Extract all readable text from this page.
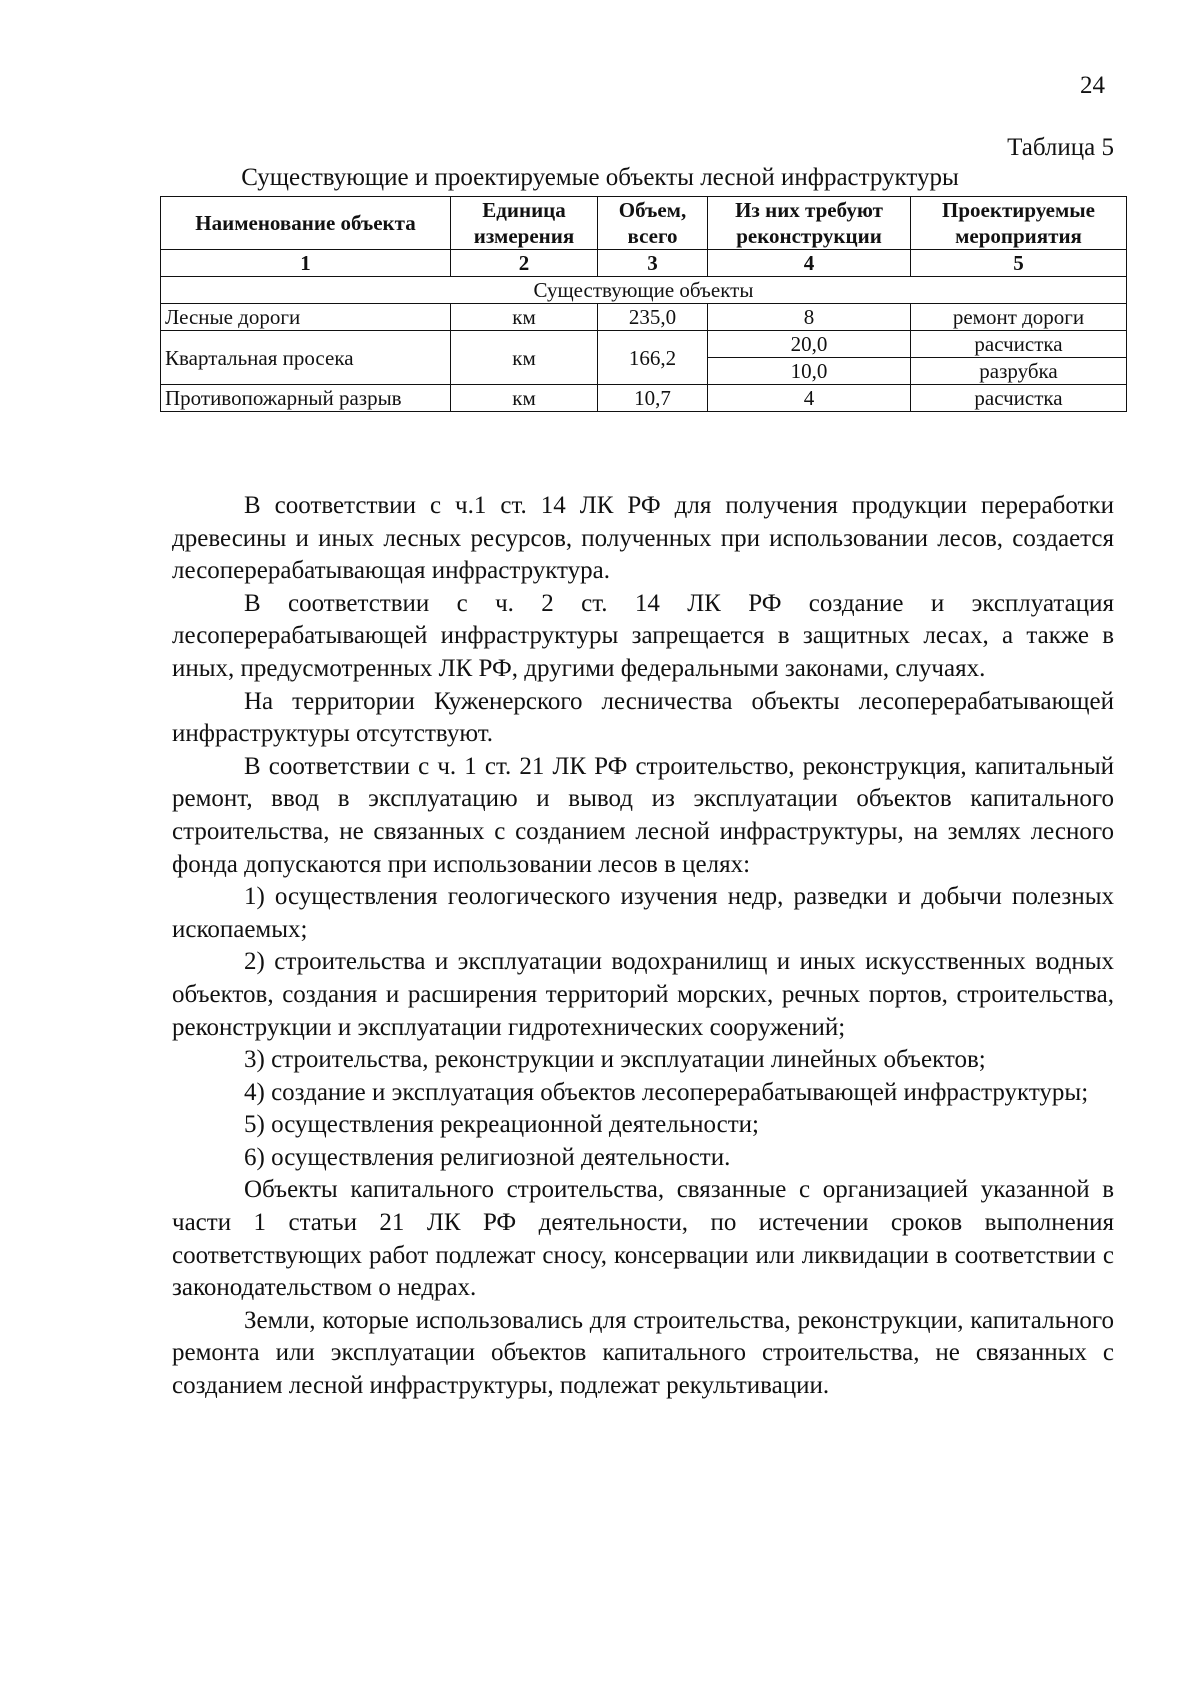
24
Таблица 5
Существующие и проектируемые объекты лесной инфраструктуры
Наименование объекта	Единица измерения	Объем, всего	Из них требуют реконструкции	Проектируемые мероприятия
1	2	3	4	5
Существующие объекты				
Лесные дороги	км	235,0	8	ремонт дороги
Квартальная просека	км	166,2	20,0	расчистка
			10,0	разрубка
Противопожарный разрыв	км	10,7	4	расчистка

В соответствии с ч.1 ст. 14 ЛК РФ для получения продукции переработки древесины и иных лесных ресурсов, полученных при использовании лесов, создается лесоперерабатывающая инфраструктура.

В соответствии с ч. 2 ст. 14 ЛК РФ создание и эксплуатация лесоперерабатывающей инфраструктуры запрещается в защитных лесах, а также в иных, предусмотренных ЛК РФ, другими федеральными законами, случаях.

На территории Куженерского лесничества объекты лесоперерабатывающей инфраструктуры отсутствуют.

В соответствии с ч. 1 ст. 21 ЛК РФ строительство, реконструкция, капитальный ремонт, ввод в эксплуатацию и вывод из эксплуатации объектов капитального строительства, не связанных с созданием лесной инфраструктуры, на землях лесного фонда допускаются при использовании лесов в целях:

1) осуществления геологического изучения недр, разведки и добычи полезных ископаемых;

2) строительства и эксплуатации водохранилищ и иных искусственных водных объектов, создания и расширения территорий морских, речных портов, строительства, реконструкции и эксплуатации гидротехнических сооружений;

3) строительства, реконструкции и эксплуатации линейных объектов;

4) создание и эксплуатация объектов лесоперерабатывающей инфраструктуры;

5) осуществления рекреационной деятельности;

6) осуществления религиозной деятельности.

Объекты капитального строительства, связанные с организацией указанной в части 1 статьи 21 ЛК РФ деятельности, по истечении сроков выполнения соответствующих работ подлежат сносу, консервации или ликвидации в соответствии с законодательством о недрах.

Земли, которые использовались для строительства, реконструкции, капитального ремонта или эксплуатации объектов капитального строительства, не связанных с созданием лесной инфраструктуры, подлежат рекультивации.
